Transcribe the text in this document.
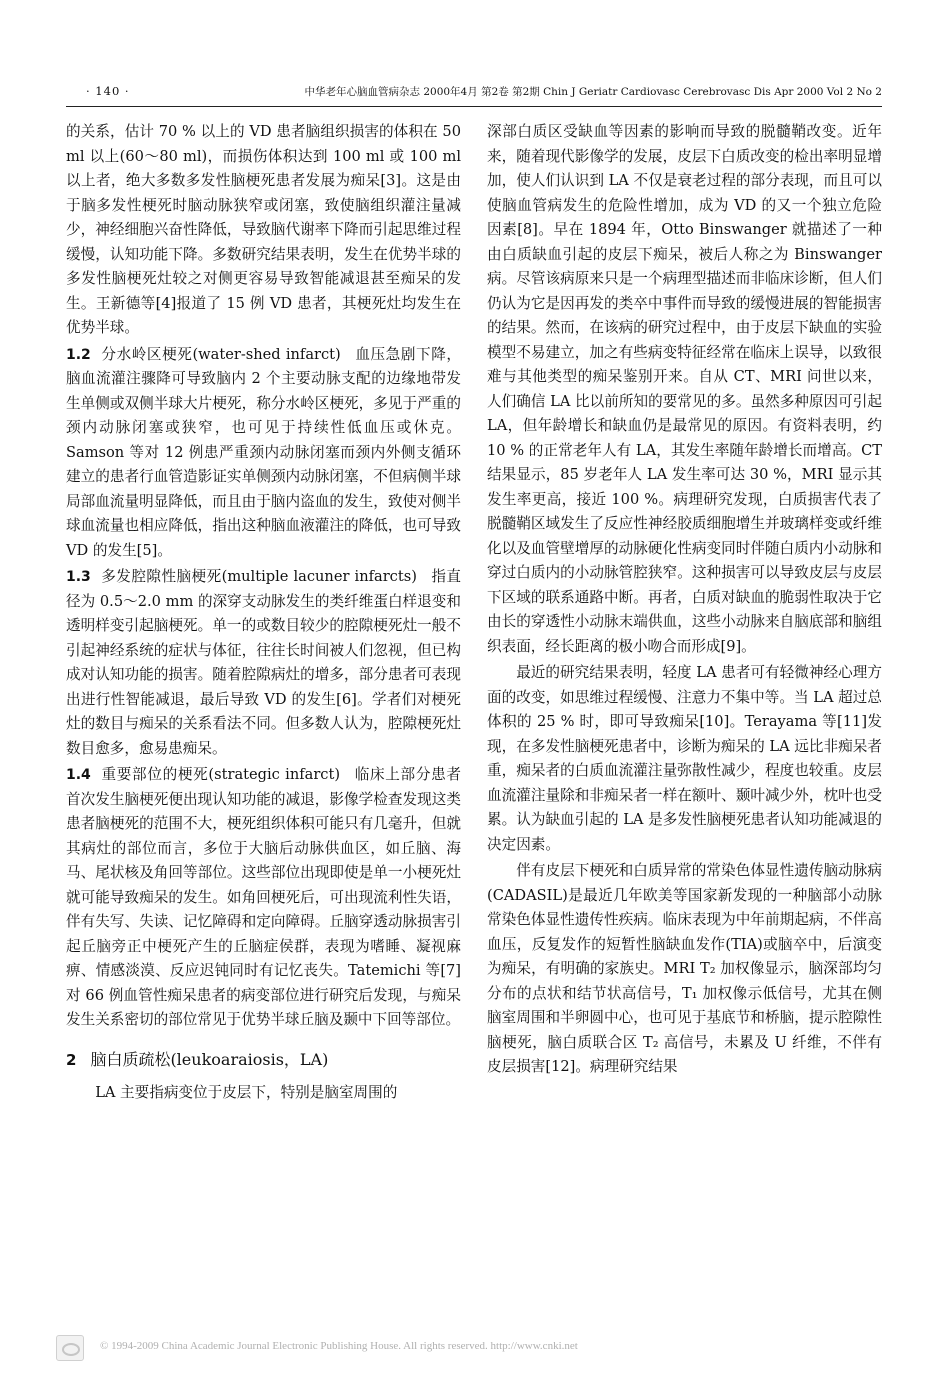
· 140 ·	中华老年心脑血管病杂志 2000年4月 第2卷 第2期 Chin J Geriatr Cardiovasc Cerebrovasc Dis Apr 2000 Vol 2 No 2

的关系，估计 70 % 以上的 VD 患者脑组织损害的体积在 50 ml 以上(60～80 ml)，而损伤体积达到 100 ml 或 100 ml 以上者，绝大多数多发性脑梗死患者发展为痴呆[3]。这是由于脑多发性梗死时脑动脉狭窄或闭塞，致使脑组织灌注量减少，神经细胞兴奋性降低，导致脑代谢率下降而引起思维过程缓慢，认知功能下降。多数研究结果表明，发生在优势半球的多发性脑梗死灶较之对侧更容易导致智能减退甚至痴呆的发生。王新德等[4]报道了 15 例 VD 患者，其梗死灶均发生在优势半球。

1.2 分水岭区梗死(water-shed infarct) 血压急剧下降，脑血流灌注骤降可导致脑内 2 个主要动脉支配的边缘地带发生单侧或双侧半球大片梗死，称分水岭区梗死，多见于严重的颈内动脉闭塞或狭窄，也可见于持续性低血压或休克。Samson 等对 12 例患严重颈内动脉闭塞而颈内外侧支循环建立的患者行血管造影证实单侧颈内动脉闭塞，不但病侧半球局部血流量明显降低，而且由于脑内盗血的发生，致使对侧半球血流量也相应降低，指出这种脑血液灌注的降低，也可导致 VD 的发生[5]。

1.3 多发腔隙性脑梗死(multiple lacuner infarcts) 指直径为 0.5～2.0 mm 的深穿支动脉发生的类纤维蛋白样退变和透明样变引起脑梗死。单一的或数目较少的腔隙梗死灶一般不引起神经系统的症状与体征，往往长时间被人们忽视，但已构成对认知功能的损害。随着腔隙病灶的增多，部分患者可表现出进行性智能减退，最后导致 VD 的发生[6]。学者们对梗死灶的数目与痴呆的关系看法不同。但多数人认为，腔隙梗死灶数目愈多，愈易患痴呆。

1.4 重要部位的梗死(strategic infarct) 临床上部分患者首次发生脑梗死便出现认知功能的减退，影像学检查发现这类患者脑梗死的范围不大，梗死组织体积可能只有几毫升，但就其病灶的部位而言，多位于大脑后动脉供血区，如丘脑、海马、尾状核及角回等部位。这些部位出现即使是单一小梗死灶就可能导致痴呆的发生。如角回梗死后，可出现流利性失语，伴有失写、失读、记忆障碍和定向障碍。丘脑穿透动脉损害引起丘脑旁正中梗死产生的丘脑症侯群，表现为嗜睡、凝视麻痹、情感淡漠、反应迟钝同时有记忆丧失。Tatemichi 等[7]对 66 例血管性痴呆患者的病变部位进行研究后发现，与痴呆发生关系密切的部位常见于优势半球丘脑及颞中下回等部位。

2 脑白质疏松(leukoaraiosis，LA)

LA 主要指病变位于皮层下，特别是脑室周围的

深部白质区受缺血等因素的影响而导致的脱髓鞘改变。近年来，随着现代影像学的发展，皮层下白质改变的检出率明显增加，使人们认识到 LA 不仅是衰老过程的部分表现，而且可以使脑血管病发生的危险性增加，成为 VD 的又一个独立危险因素[8]。早在 1894 年，Otto Binswanger 就描述了一种由白质缺血引起的皮层下痴呆，被后人称之为 Binswanger 病。尽管该病原来只是一个病理型描述而非临床诊断，但人们仍认为它是因再发的类卒中事件而导致的缓慢进展的智能损害的结果。然而，在该病的研究过程中，由于皮层下缺血的实验模型不易建立，加之有些病变特征经常在临床上误导，以致很难与其他类型的痴呆鉴别开来。自从 CT、MRI 问世以来，人们确信 LA 比以前所知的要常见的多。虽然多种原因可引起 LA，但年龄增长和缺血仍是最常见的原因。有资料表明，约 10 % 的正常老年人有 LA，其发生率随年龄增长而增高。CT 结果显示，85 岁老年人 LA 发生率可达 30 %，MRI 显示其发生率更高，接近 100 %。病理研究发现，白质损害代表了脱髓鞘区域发生了反应性神经胶质细胞增生并玻璃样变或纤维化以及血管壁增厚的动脉硬化性病变同时伴随白质内小动脉和穿过白质内的小动脉管腔狭窄。这种损害可以导致皮层与皮层下区域的联系通路中断。再者，白质对缺血的脆弱性取决于它由长的穿透性小动脉末端供血，这些小动脉来自脑底部和脑组织表面，经长距离的极小吻合而形成[9]。

最近的研究结果表明，轻度 LA 患者可有轻微神经心理方面的改变，如思维过程缓慢、注意力不集中等。当 LA 超过总体积的 25 % 时，即可导致痴呆[10]。Terayama 等[11]发现，在多发性脑梗死患者中，诊断为痴呆的 LA 远比非痴呆者重，痴呆者的白质血流灌注量弥散性减少，程度也较重。皮层血流灌注量除和非痴呆者一样在额叶、颞叶减少外，枕叶也受累。认为缺血引起的 LA 是多发性脑梗死患者认知功能减退的决定因素。

伴有皮层下梗死和白质异常的常染色体显性遗传脑动脉病(CADASIL)是最近几年欧美等国家新发现的一种脑部小动脉常染色体显性遗传性疾病。临床表现为中年前期起病，不伴高血压，反复发作的短暂性脑缺血发作(TIA)或脑卒中，后演变为痴呆，有明确的家族史。MRI T₂ 加权像显示，脑深部均匀分布的点状和结节状高信号，T₁ 加权像示低信号，尤其在侧脑室周围和半卵圆中心，也可见于基底节和桥脑，提示腔隙性脑梗死，脑白质联合区 T₂ 高信号，未累及 U 纤维，不伴有皮层损害[12]。病理研究结果

© 1994-2009 China Academic Journal Electronic Publishing House. All rights reserved. http://www.cnki.net
